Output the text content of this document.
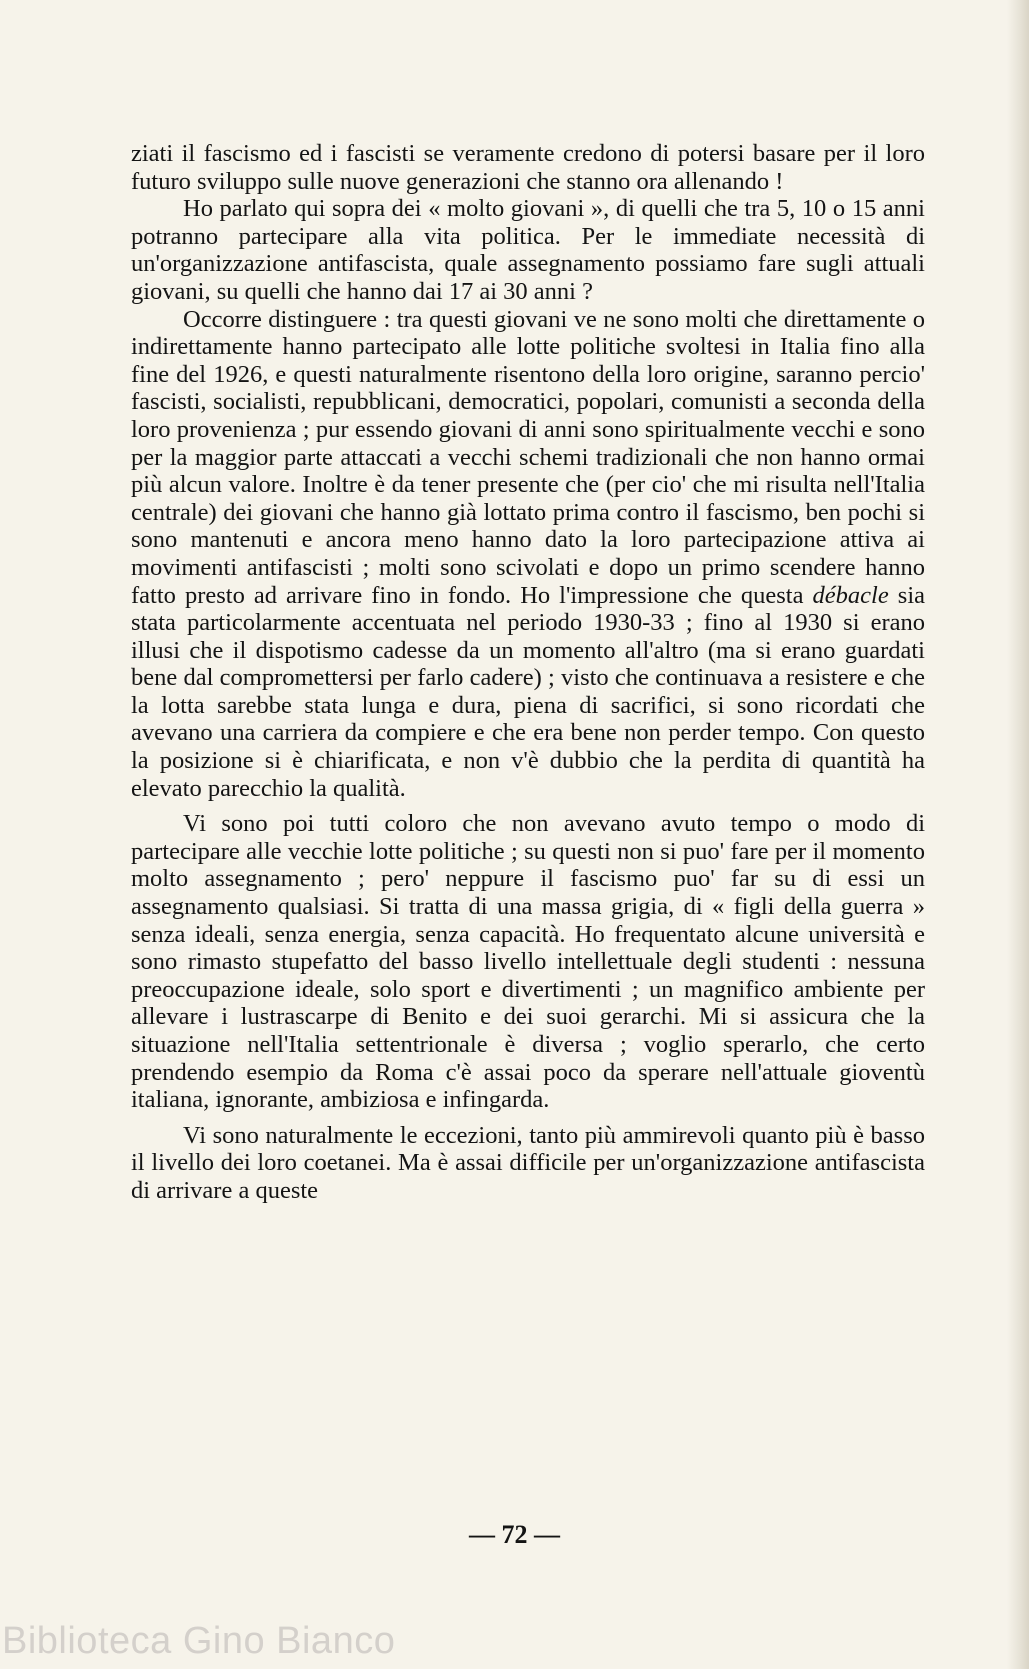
ziati il fascismo ed i fascisti se veramente credono di potersi basare per il loro futuro sviluppo sulle nuove generazioni che stanno ora allenando !

Ho parlato qui sopra dei « molto giovani », di quelli che tra 5, 10 o 15 anni potranno partecipare alla vita politica. Per le immediate necessità di un'organizzazione antifascista, quale assegnamento possiamo fare sugli attuali giovani, su quelli che hanno dai 17 ai 30 anni ?

Occorre distinguere : tra questi giovani ve ne sono molti che direttamente o indirettamente hanno partecipato alle lotte politiche svoltesi in Italia fino alla fine del 1926, e questi naturalmente risentono della loro origine, saranno percio' fascisti, socialisti, repubblicani, democratici, popolari, comunisti a seconda della loro provenienza ; pur essendo giovani di anni sono spiritualmente vecchi e sono per la maggior parte attaccati a vecchi schemi tradizionali che non hanno ormai più alcun valore. Inoltre è da tener presente che (per cio' che mi risulta nell'Italia centrale) dei giovani che hanno già lottato prima contro il fascismo, ben pochi si sono mantenuti e ancora meno hanno dato la loro partecipazione attiva ai movimenti antifascisti ; molti sono scivolati e dopo un primo scendere hanno fatto presto ad arrivare fino in fondo. Ho l'impressione che questa débacle sia stata particolarmente accentuata nel periodo 1930-33 ; fino al 1930 si erano illusi che il dispotismo cadesse da un momento all'altro (ma si erano guardati bene dal compromettersi per farlo cadere) ; visto che continuava a resistere e che la lotta sarebbe stata lunga e dura, piena di sacrifici, si sono ricordati che avevano una carriera da compiere e che era bene non perder tempo. Con questo la posizione si è chiarificata, e non v'è dubbio che la perdita di quantità ha elevato parecchio la qualità.

Vi sono poi tutti coloro che non avevano avuto tempo o modo di partecipare alle vecchie lotte politiche ; su questi non si puo' fare per il momento molto assegnamento ; pero' neppure il fascismo puo' far su di essi un assegnamento qualsiasi. Si tratta di una massa grigia, di « figli della guerra » senza ideali, senza energia, senza capacità. Ho frequentato alcune università e sono rimasto stupefatto del basso livello intellettuale degli studenti : nessuna preoccupazione ideale, solo sport e divertimenti ; un magnifico ambiente per allevare i lustrascarpe di Benito e dei suoi gerarchi. Mi si assicura che la situazione nell'Italia settentrionale è diversa ; voglio sperarlo, che certo prendendo esempio da Roma c'è assai poco da sperare nell'attuale gioventù italiana, ignorante, ambiziosa e infingarda.

Vi sono naturalmente le eccezioni, tanto più ammirevoli quanto più è basso il livello dei loro coetanei. Ma è assai difficile per un'organizzazione antifascista di arrivare a queste

— 72 —
Biblioteca Gino Bianco
